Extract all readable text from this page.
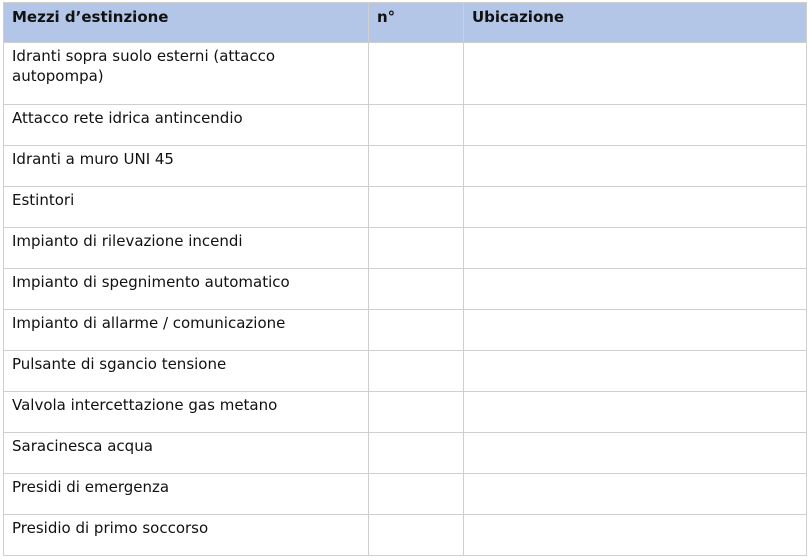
Mezzi d’estinzione	n°	Ubicazione

Idranti sopra suolo esterni (attacco autopompa)		

Attacco rete idrica antincendio		

Idranti a muro UNI 45		

Estintori		

Impianto di rilevazione incendi		

Impianto di spegnimento automatico		

Impianto di allarme / comunicazione		

Pulsante di sgancio tensione		

Valvola intercettazione gas metano		

Saracinesca acqua		

Presidi di emergenza		

Presidio di primo soccorso		
